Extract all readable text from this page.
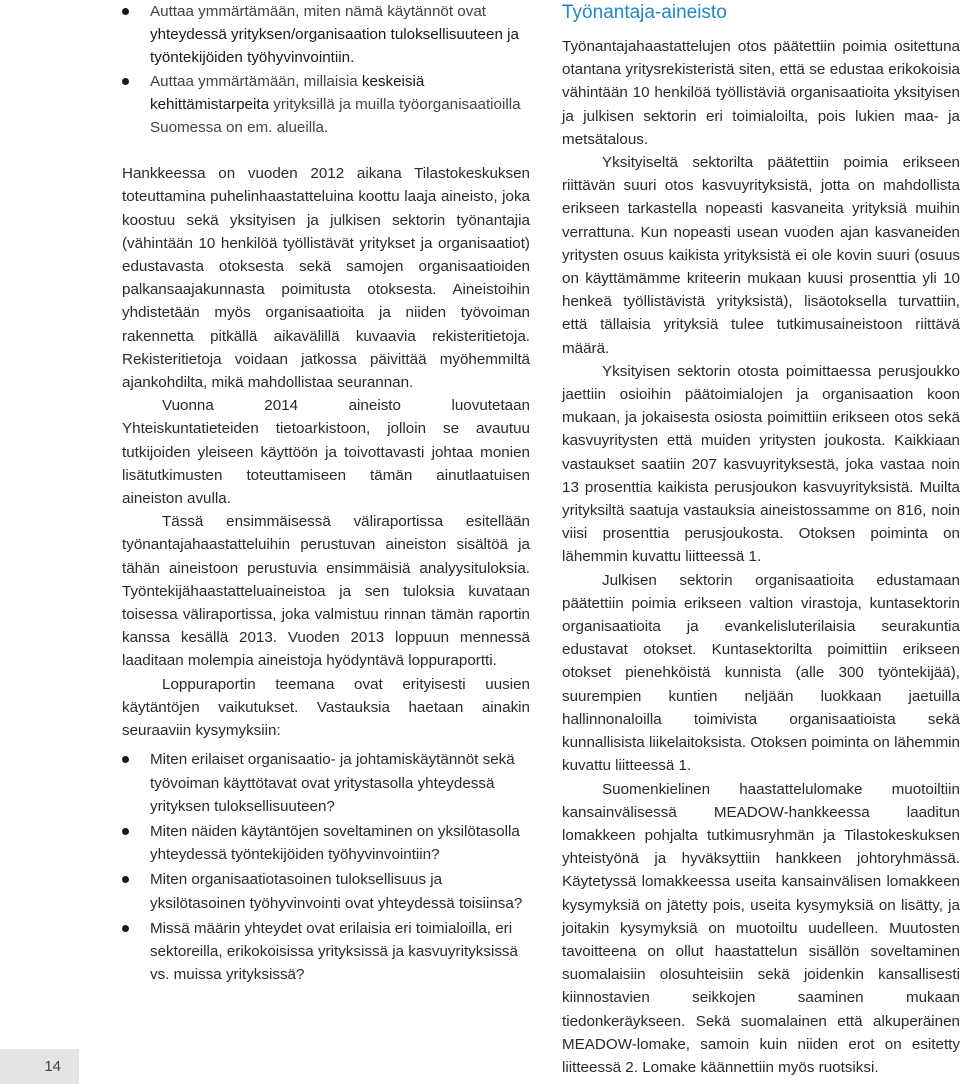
Auttaa ymmärtämään, miten nämä käytännöt ovat yhteydessä yrityksen/organisaation tuloksellisuuteen ja työntekijöiden työhyvinvointiin.
Auttaa ymmärtämään, millaisia keskeisiä kehittämistarpeita yrityksillä ja muilla työorganisaatioilla Suomessa on em. alueilla.

Hankkeessa on vuoden 2012 aikana Tilastokeskuksen toteuttamina puhelinhaastatteluina koottu laaja aineisto, joka koostuu sekä yksityisen ja julkisen sektorin työnantajia (vähintään 10 henkilöä työllistävät yritykset ja organisaatiot) edustavasta otoksesta sekä samojen organisaatioiden palkansaajakunnasta poimitusta otoksesta. Aineistoihin yhdistetään myös organisaatioita ja niiden työvoiman rakennetta pitkällä aikavälillä kuvaavia rekisteritietoja. Rekisteritietoja voidaan jatkossa päivittää myöhemmiltä ajankohdilta, mikä mahdollistaa seurannan.

Vuonna 2014 aineisto luovutetaan Yhteiskuntatieteiden tietoarkistoon, jolloin se avautuu tutkijoiden yleiseen käyttöön ja toivottavasti johtaa monien lisätutkimusten toteuttamiseen tämän ainutlaatuisen aineiston avulla.

Tässä ensimmäisessä väliraportissa esitellään työnantajahaastatteluihin perustuvan aineiston sisältöä ja tähän aineistoon perustuvia ensimmäisiä analyysituloksia. Työntekijähaastatteluaineistoa ja sen tuloksia kuvataan toisessa väliraportissa, joka valmistuu rinnan tämän raportin kanssa kesällä 2013. Vuoden 2013 loppuun mennessä laaditaan molempia aineistoja hyödyntävä loppuraportti.

Loppuraportin teemana ovat erityisesti uusien käytäntöjen vaikutukset. Vastauksia haetaan ainakin seuraaviin kysymyksiin:

Miten erilaiset organisaatio- ja johtamiskäytännöt sekä työvoiman käyttötavat ovat yritystasolla yhteydessä yrityksen tuloksellisuuteen?
Miten näiden käytäntöjen soveltaminen on yksilötasolla yhteydessä työntekijöiden työhyvinvointiin?
Miten organisaatiotasoinen tuloksellisuus ja yksilötasoinen työhyvinvointi ovat yhteydessä toisiinsa?
Missä määrin yhteydet ovat erilaisia eri toimialoilla, eri sektoreilla, erikokoisissa yrityksissä ja kasvuyrityksissä vs. muissa yrityksissä?
Työnantaja-aineisto

Työnantajahaastattelujen otos päätettiin poimia ositettuna otantana yritysrekisteristä siten, että se edustaa erikokoisia vähintään 10 henkilöä työllistäviä organisaatioita yksityisen ja julkisen sektorin eri toimialoilta, pois lukien maa- ja metsätalous.

Yksityiseltä sektorilta päätettiin poimia erikseen riittävän suuri otos kasvuyrityksistä, jotta on mahdollista erikseen tarkastella nopeasti kasvaneita yrityksiä muihin verrattuna. Kun nopeasti usean vuoden ajan kasvaneiden yritysten osuus kaikista yrityksistä ei ole kovin suuri (osuus on käyttämämme kriteerin mukaan kuusi prosenttia yli 10 henkeä työllistävistä yrityksistä), lisäotoksella turvattiin, että tällaisia yrityksiä tulee tutkimusaineistoon riittävä määrä.

Yksityisen sektorin otosta poimittaessa perusjoukko jaettiin osioihin päätoimialojen ja organisaation koon mukaan, ja jokaisesta osiosta poimittiin erikseen otos sekä kasvuyritysten että muiden yritysten joukosta. Kaikkiaan vastaukset saatiin 207 kasvuyrityksestä, joka vastaa noin 13 prosenttia kaikista perusjoukon kasvuyrityksistä. Muilta yrityksiltä saatuja vastauksia aineistossamme on 816, noin viisi prosenttia perusjoukosta. Otoksen poiminta on lähemmin kuvattu liitteessä 1.

Julkisen sektorin organisaatioita edustamaan päätettiin poimia erikseen valtion virastoja, kuntasektorin organisaatioita ja evankelisluterilaisia seurakuntia edustavat otokset. Kuntasektorilta poimittiin erikseen otokset pienehköistä kunnista (alle 300 työntekijää), suurempien kuntien neljään luokkaan jaetuilla hallinnonaloilla toimivista organisaatioista sekä kunnallisista liikelaitoksista. Otoksen poiminta on lähemmin kuvattu liitteessä 1.

Suomenkielinen haastattelulomake muotoiltiin kansainvälisessä MEADOW-hankkeessa laaditun lomakkeen pohjalta tutkimusryhmän ja Tilastokeskuksen yhteistyönä ja hyväksyttiin hankkeen johtoryhmässä. Käytetyssä lomakkeessa useita kansainvälisen lomakkeen kysymyksiä on jätetty pois, useita kysymyksiä on lisätty, ja joitakin kysymyksiä on muotoiltu uudelleen. Muutosten tavoitteena on ollut haastattelun sisällön soveltaminen suomalaisiin olosuhteisiin sekä joidenkin kansallisesti kiinnostavien seikkojen saaminen mukaan tiedonkeräykseen. Sekä suomalainen että alkuperäinen MEADOW-lomake, samoin kuin niiden erot on esitetty liitteessä 2. Lomake käännettiin myös ruotsiksi.

14
